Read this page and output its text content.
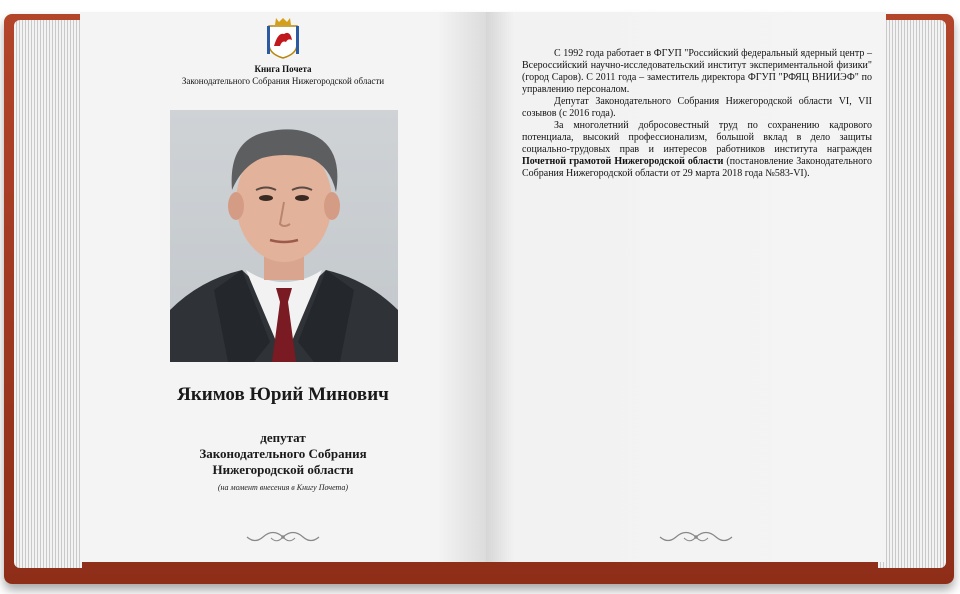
Книга Почета
Законодательного Собрания Нижегородской области
Якимов Юрий Минович
депутат
Законодательного Собрания
Нижегородской области
(на момент внесения в Книгу Почета)

С 1992 года работает в ФГУП "Российский федеральный ядерный центр – Всероссийский научно-исследовательский институт экспериментальной физики" (город Саров). С 2011 года – заместитель директора ФГУП "РФЯЦ ВНИИЭФ" по управлению персоналом.

Депутат Законодательного Собрания Нижегородской области VI, VII созывов (с 2016 года).

За многолетний добросовестный труд по сохранению кадрового потенциала, высокий профессионализм, большой вклад в дело защиты социально-трудовых прав и интересов работников института награжден Почетной грамотой Нижегородской области (постановление Законодательного Собрания Нижегородской области от 29 марта 2018 года №583-VI).
